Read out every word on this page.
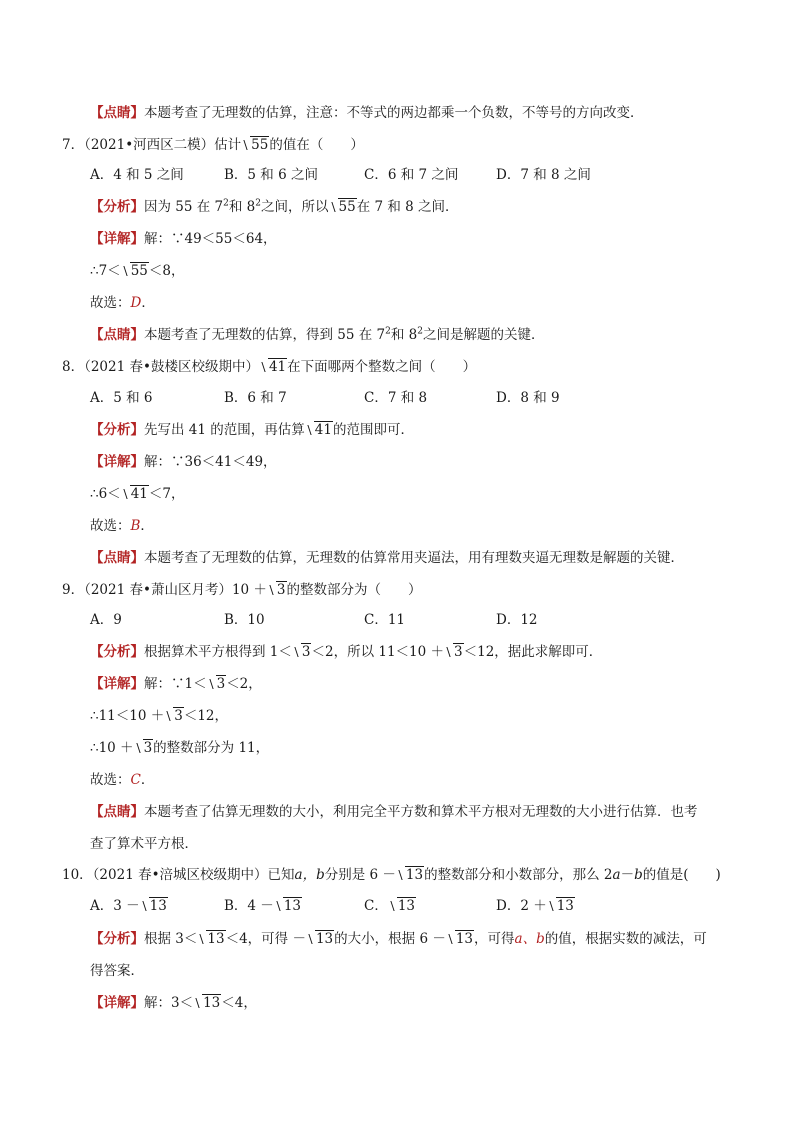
【点睛】本题考查了无理数的估算，注意：不等式的两边都乘一个负数，不等号的方向改变．
7．（2021•河西区二模）估计 55的值在（　　）
A．4 和 5 之间	B．5 和 6 之间	C．6 和 7 之间	D．7 和 8 之间
【分析】因为 55 在 $7^2$和 $8^2$之间，所以 55在 7 和 8 之间．
【详解】解：∵49＜55＜64，
∴7＜ 55＜8，
故选：D．
【点睛】本题考查了无理数的估算，得到 55 在 $7^2$和 $8^2$之间是解题的关键．
8．（2021 春•鼓楼区校级期中） 41在下面哪两个整数之间（　　）
A．5 和 6	B．6 和 7	C．7 和 8	D．8 和 9
【分析】先写出 41 的范围，再估算 41的范围即可．
【详解】解：∵36＜41＜49，
∴6＜ 41＜7，
故选：B．
【点睛】本题考查了无理数的估算，无理数的估算常用夹逼法，用有理数夹逼无理数是解题的关键．
9．（2021 春•萧山区月考）10 ＋ 3的整数部分为（　　）
A．9	B．10	C．11	D．12
【分析】根据算术平方根得到 1＜ 3＜2，所以 11＜10 ＋ 3＜12，据此求解即可．
【详解】解：∵1＜ 3＜2，
∴11＜10 ＋ 3＜12，
∴10 ＋ 3的整数部分为 11，
故选：C．
【点睛】本题考查了估算无理数的大小，利用完全平方数和算术平方根对无理数的大小进行估算．也考
查了算术平方根．
10．（2021 春•涪城区校级期中）已知a，b分别是 6 － 13的整数部分和小数部分，那么 2a－b的值是(　　)
A．3 － 13	B．4 － 13	C． 13	D．2 ＋ 13
【分析】根据 3＜ 13＜4，可得 － 13的大小，根据 6 － 13，可得a、b的值，根据实数的减法，可
得答案．
【详解】解：3＜ 13＜4，
